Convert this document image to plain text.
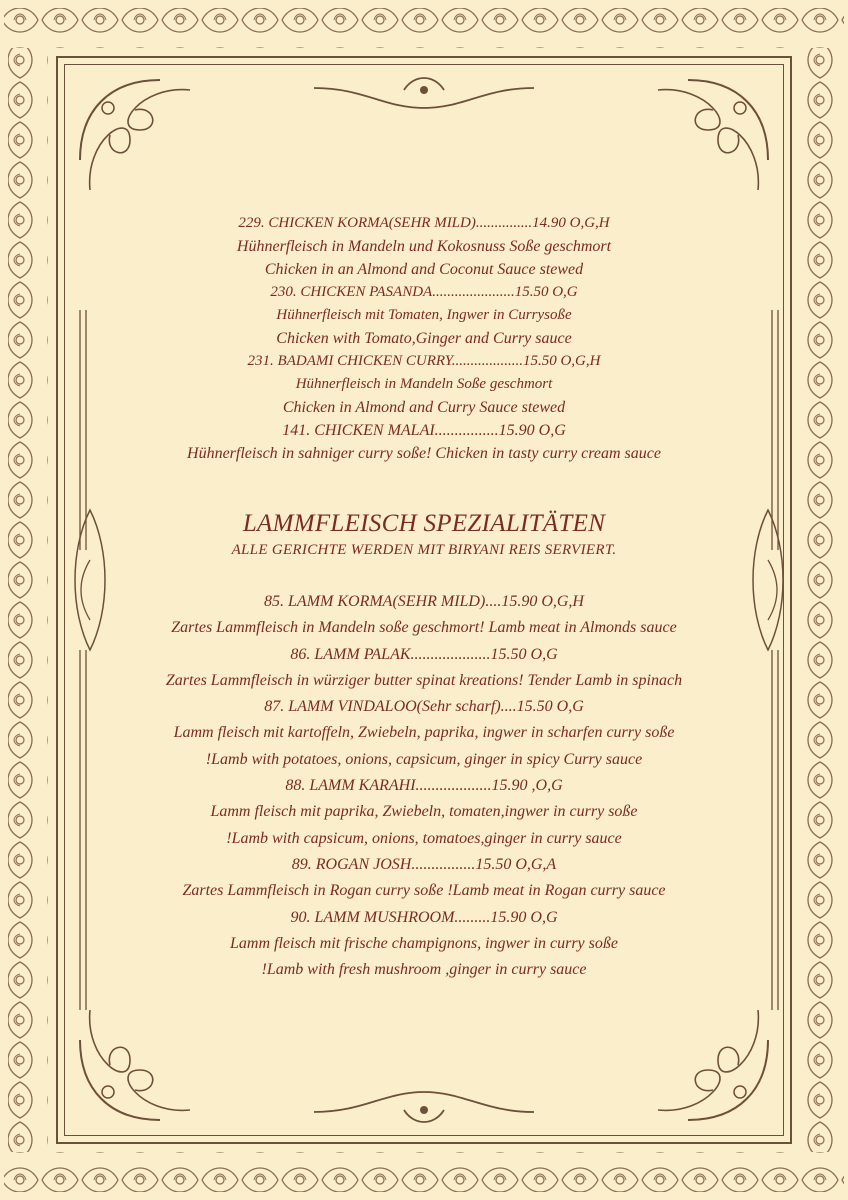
229. CHICKEN KORMA(SEHR MILD)...............14.90 O,G,H
Hühnerfleisch in Mandeln und Kokosnuss Soße geschmort
Chicken in an Almond and Coconut Sauce stewed
230. CHICKEN PASANDA......................15.50 O,G
Hühnerfleisch mit Tomaten, Ingwer in Currysoße
Chicken with Tomato,Ginger and Curry sauce
231. BADAMI CHICKEN CURRY...................15.50 O,G,H
Hühnerfleisch in Mandeln Soße geschmort
Chicken in Almond and Curry Sauce stewed
141. CHICKEN MALAI................15.90 O,G
Hühnerfleisch in sahniger curry soße! Chicken in tasty curry cream sauce
LAMMFLEISCH SPEZIALITÄTEN
ALLE GERICHTE WERDEN MIT BIRYANI REIS SERVIERT.
85. LAMM KORMA(SEHR MILD)....15.90 O,G,H
Zartes Lammfleisch in Mandeln soße geschmort! Lamb meat in Almonds sauce
86. LAMM PALAK....................15.50 O,G
Zartes Lammfleisch in würziger butter spinat kreations! Tender Lamb in spinach
87. LAMM VINDALOO(Sehr scharf)....15.50 O,G
Lamm fleisch mit kartoffeln, Zwiebeln, paprika, ingwer in scharfen curry soße
!Lamb with potatoes, onions, capsicum, ginger in spicy Curry sauce
88. LAMM KARAHI...................15.90 ,O,G
Lamm fleisch mit paprika, Zwiebeln, tomaten,ingwer in curry soße
!Lamb with capsicum, onions, tomatoes,ginger in curry sauce
89. ROGAN JOSH................15.50 O,G,A
Zartes Lammfleisch in Rogan curry soße !Lamb meat in Rogan curry sauce
90. LAMM MUSHROOM.........15.90 O,G
Lamm fleisch mit frische champignons, ingwer in curry soße
!Lamb with fresh mushroom ,ginger in curry sauce
